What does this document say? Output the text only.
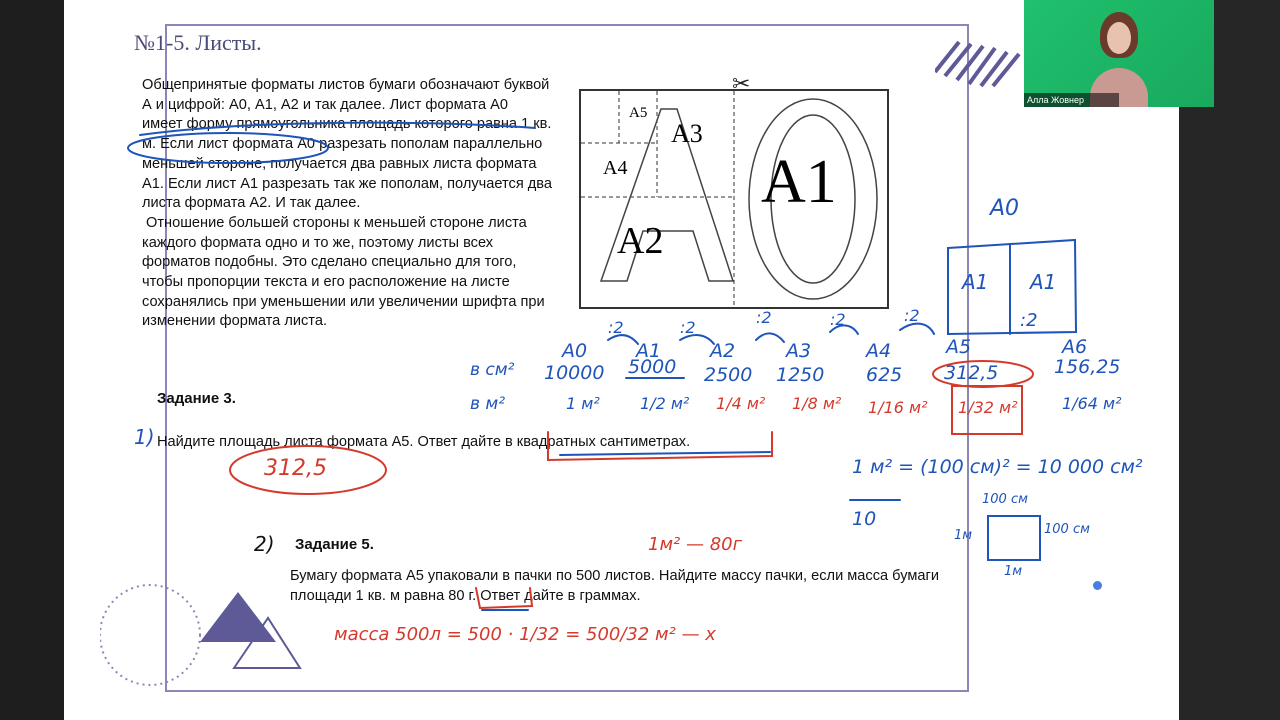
№1-5. Листы.
Общепринятые форматы листов бумаги обозначают буквой А и цифрой: А0, А1, А2 и так далее. Лист формата А0 имеет форму прямоугольника площадь которого равна 1 кв. м. Если лист формата А0 разрезать пополам параллельно меньшей стороне, получается два равных листа формата А1. Если лист А1 разрезать так же пополам, получается два листа формата А2. И так далее.
Отношение большей стороны к меньшей стороне листа каждого формата одно и то же, поэтому листы всех форматов подобны. Это сделано специально для того, чтобы пропорции текста и его расположение на листе сохранялись при уменьшении или увеличении шрифта при изменении формата листа.
A5
A3
A4
A2
A1
✂
Задание 3.
Найдите площадь листа формата А5. Ответ дайте в квадратных сантиметрах.
1)
Задание 5.
Бумагу формата А5 упаковали в пачки по 500 листов. Найдите массу пачки, если масса бумаги площади 1 кв. м равна 80 г. Ответ дайте в граммах.
2)
A0
A1 A1
:2
:2	:2
:2	:2	:2
A0	A1	A2	A3	A4	A5	A6
в см² 10000 5000 2500 1250 625 312,5	156,25
в м²	1 м²	1/2 м² 1/4 м² 1/8 м² 1/16 м² 1/32 м²	1/64 м²
312,5	1 м² = (100 см)² = 10 000 см²
10
100 см
100 см
1м
1м
1м² — 80г
масса 500л = 500 · 1/32 = 500/32 м² — x
Алла Жовнер
